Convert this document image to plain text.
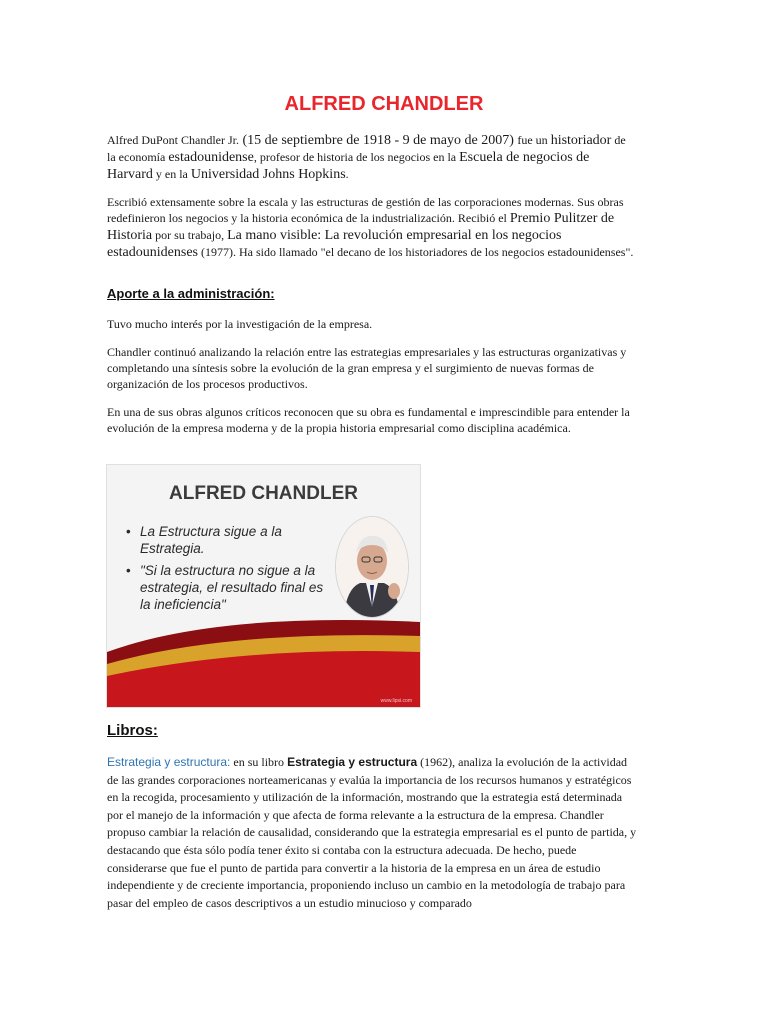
ALFRED CHANDLER

Alfred DuPont Chandler Jr. (15 de septiembre de 1918 - 9 de mayo de 2007) fue un historiador de la economía estadounidense, profesor de historia de los negocios en la Escuela de negocios de Harvard y en la Universidad Johns Hopkins.

Escribió extensamente sobre la escala y las estructuras de gestión de las corporaciones modernas. Sus obras redefinieron los negocios y la historia económica de la industrialización. Recibió el Premio Pulitzer de Historia por su trabajo, La mano visible: La revolución empresarial en los negocios estadounidenses (1977). Ha sido llamado "el decano de los historiadores de los negocios estadounidenses".

Aporte a la administración:

Tuvo mucho interés por la investigación de la empresa.

Chandler continuó analizando la relación entre las estrategias empresariales y las estructuras organizativas y completando una síntesis sobre la evolución de la gran empresa y el surgimiento de nuevas formas de organización de los procesos productivos.

En una de sus obras algunos críticos reconocen que su obra es fundamental e imprescindible para entender la evolución de la empresa moderna y de la propia historia empresarial como disciplina académica.

ALFRED CHANDLER

• La Estructura sigue a la Estrategia.
• "Si la estructura no sigue a la estrategia, el resultado final es la ineficiencia"
www.lipsi.com
Libros:

Estrategia y estructura: en su libro Estrategia y estructura (1962), analiza la evolución de la actividad de las grandes corporaciones norteamericanas y evalúa la importancia de los recursos humanos y estratégicos en la recogida, procesamiento y utilización de la información, mostrando que la estrategia está determinada por el manejo de la información y que afecta de forma relevante a la estructura de la empresa. Chandler propuso cambiar la relación de causalidad, considerando que la estrategia empresarial es el punto de partida, y destacando que ésta sólo podía tener éxito si contaba con la estructura adecuada. De hecho, puede considerarse que fue el punto de partida para convertir a la historia de la empresa en un área de estudio independiente y de creciente importancia, proponiendo incluso un cambio en la metodología de trabajo para pasar del empleo de casos descriptivos a un estudio minucioso y comparado
